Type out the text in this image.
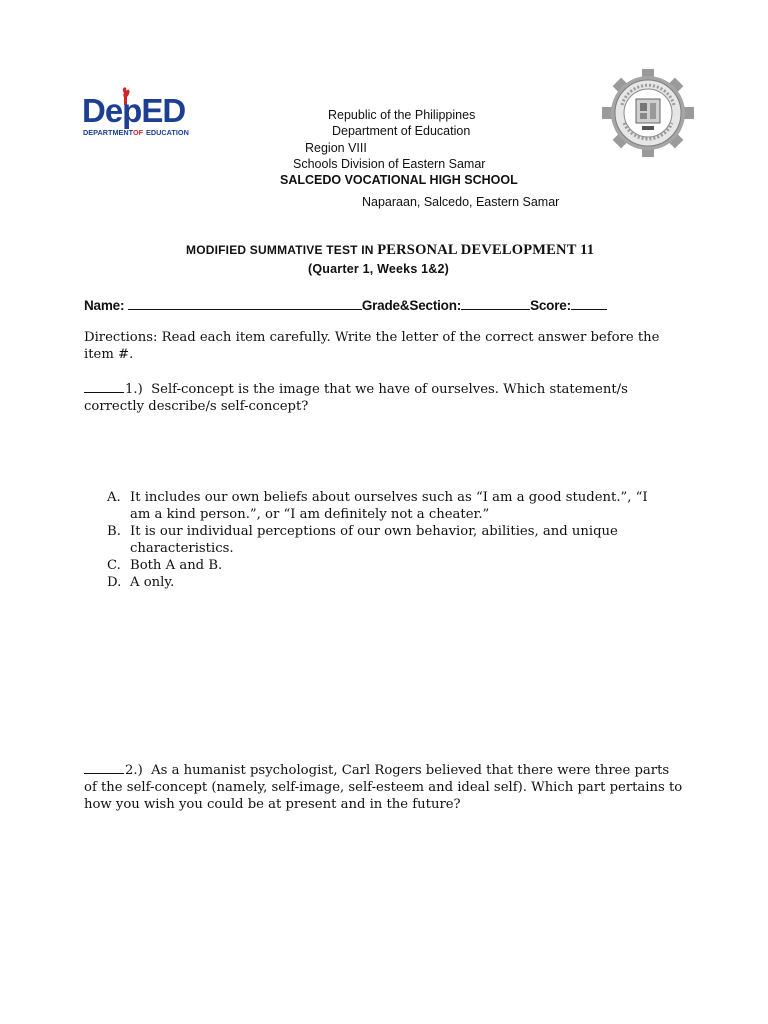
DepED
DEPARTMENT OF EDUCATION
Republic of the Philippines
Department of Education
Region VIII
Schools Division of Eastern Samar
SALCEDO VOCATIONAL HIGH SCHOOL
Naparaan, Salcedo, Eastern Samar
MODIFIED SUMMATIVE TEST IN PERSONAL DEVELOPMENT 11
(Quarter 1, Weeks 1&2)
Name:	Grade&Section:	Score:
Directions: Read each item carefully. Write the letter of the correct answer before the item #.
1.) Self-concept is the image that we have of ourselves. Which statement/s correctly describe/s self-concept?
A. It includes our own beliefs about ourselves such as “I am a good student.”, “I am a kind person.”, or “I am definitely not a cheater.”
B. It is our individual perceptions of our own behavior, abilities, and unique characteristics.
C. Both A and B.
D. A only.
2.) As a humanist psychologist, Carl Rogers believed that there were three parts of the self-concept (namely, self-image, self-esteem and ideal self). Which part pertains to how you wish you could be at present and in the future?
